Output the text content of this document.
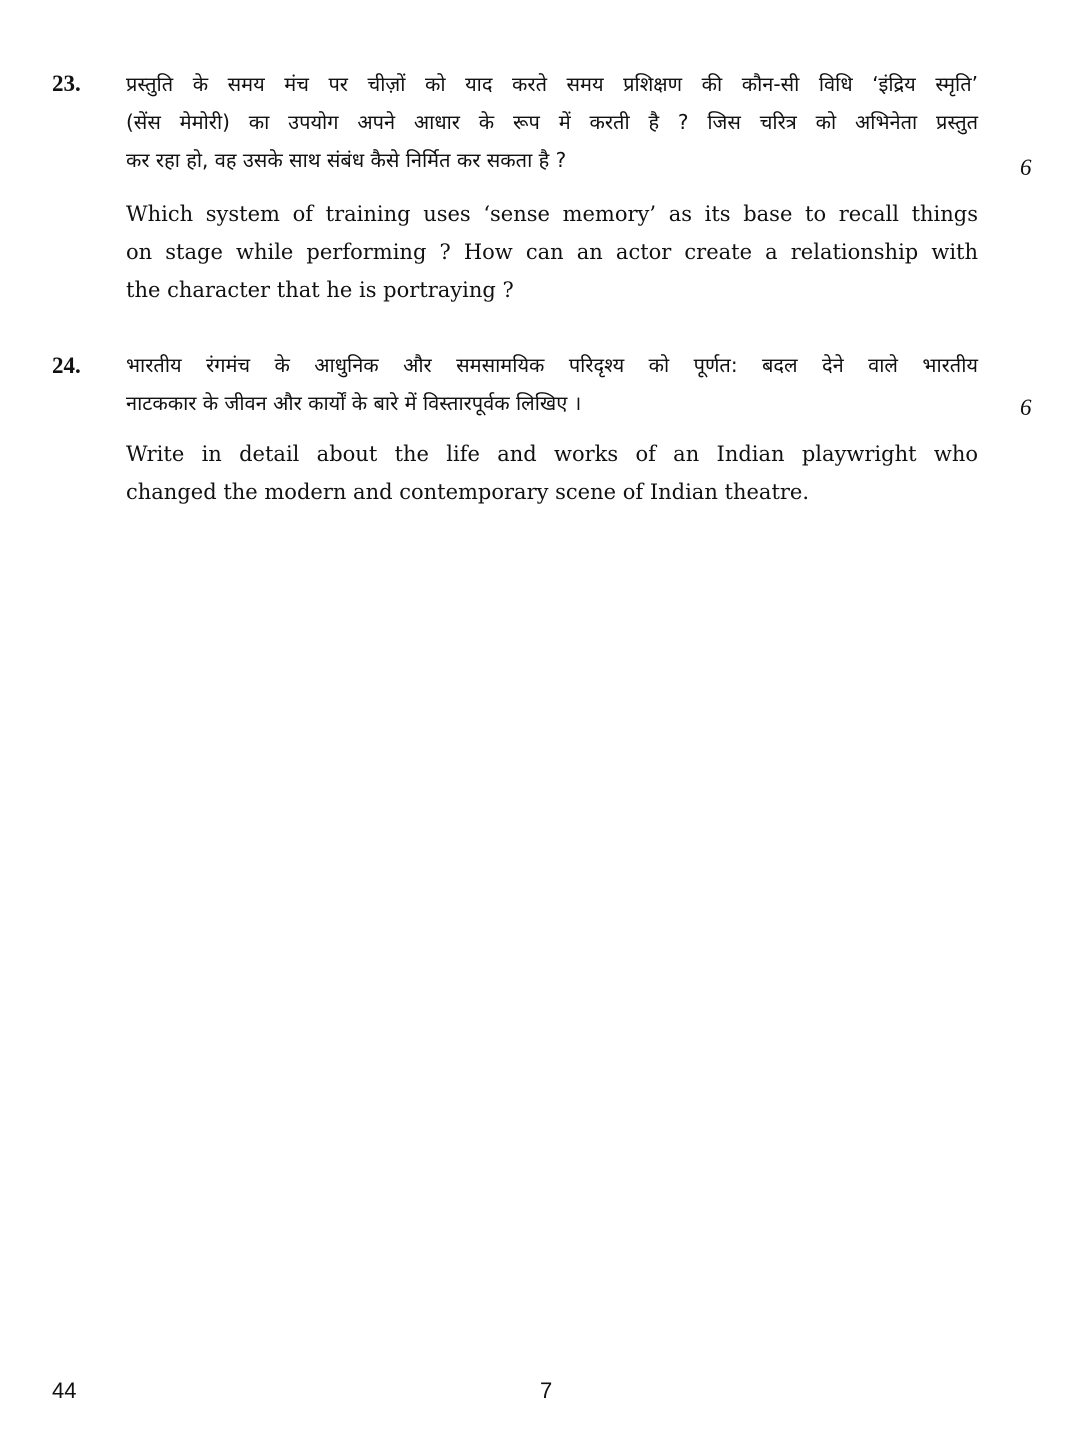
23. प्रस्तुति के समय मंच पर चीज़ों को याद करते समय प्रशिक्षण की कौन-सी विधि ‘इंद्रिय स्मृति’
(सेंस मेमोरी) का उपयोग अपने आधार के रूप में करती है ? जिस चरित्र को अभिनेता प्रस्तुत
कर रहा हो, वह उसके साथ संबंध कैसे निर्मित कर सकता है ?	6
Which system of training uses ‘sense memory’ as its base to recall things
on stage while performing ? How can an actor create a relationship with
the character that he is portraying ?
24. भारतीय रंगमंच के आधुनिक और समसामयिक परिदृश्य को पूर्णत: बदल देने वाले भारतीय
नाटककार के जीवन और कार्यों के बारे में विस्तारपूर्वक लिखिए ।	6
Write in detail about the life and works of an Indian playwright who
changed the modern and contemporary scene of Indian theatre.
44	7
